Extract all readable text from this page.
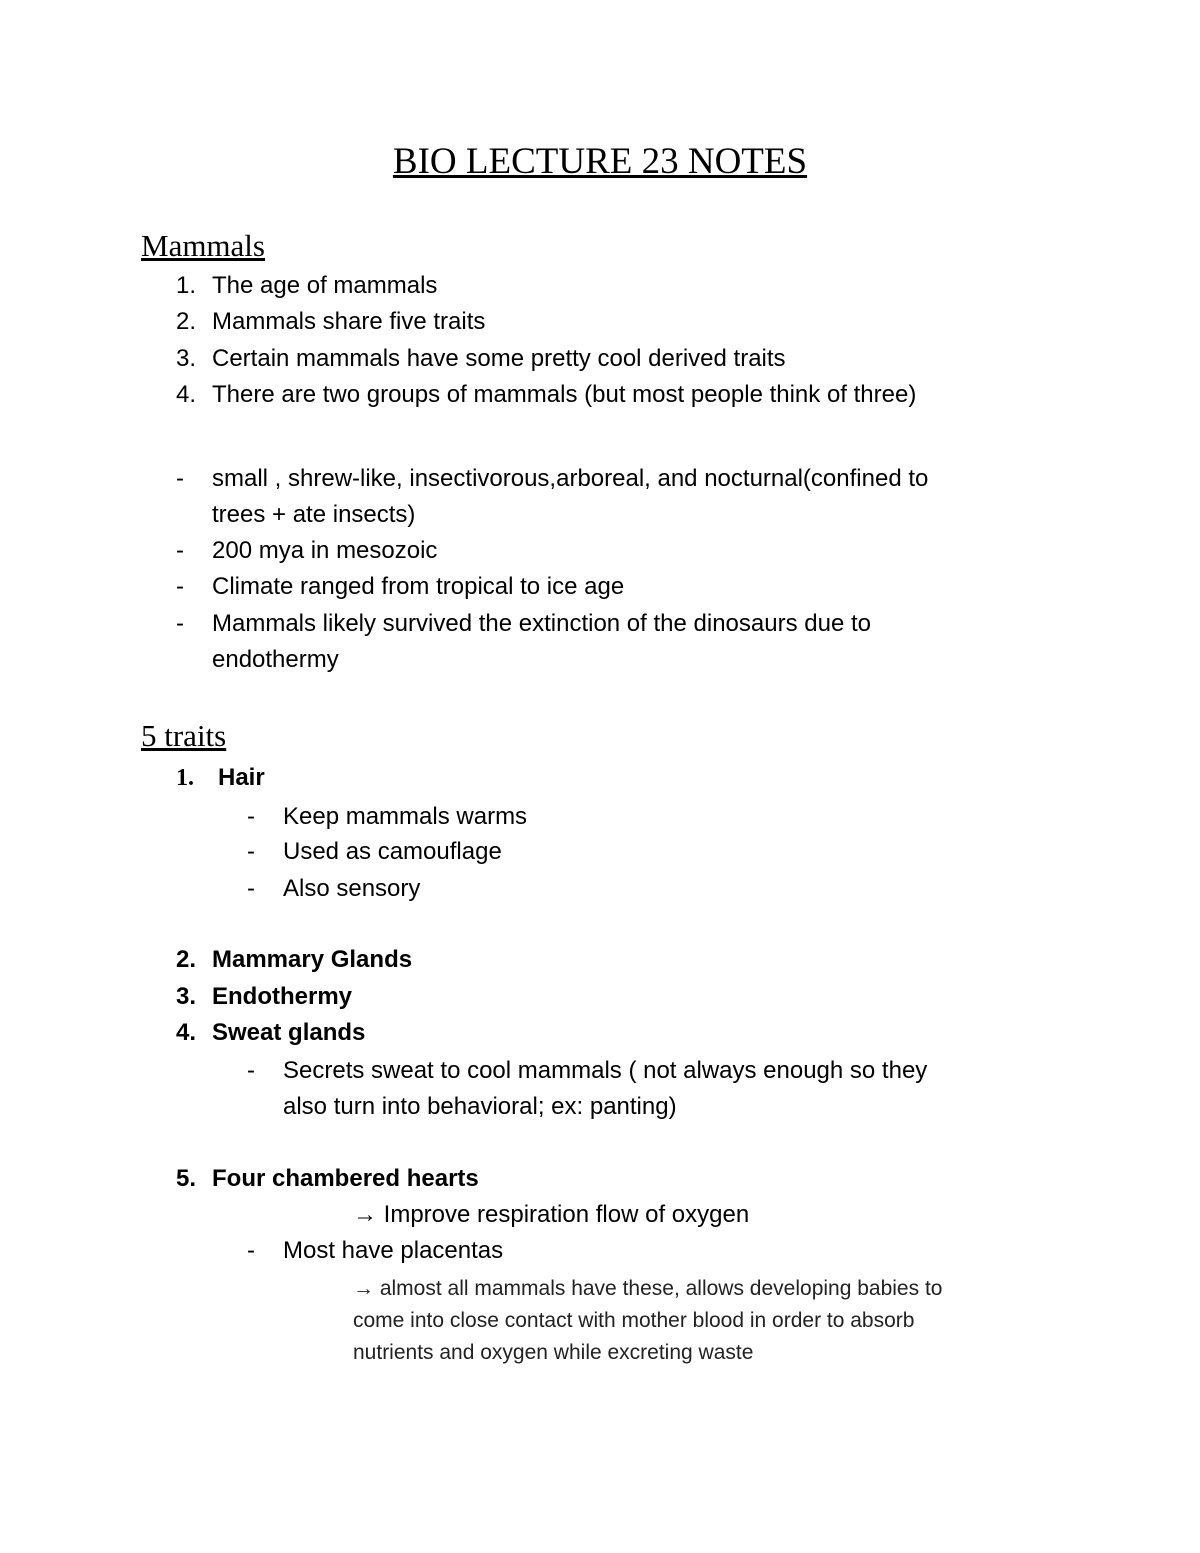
BIO LECTURE 23 NOTES
Mammals
1. The age of mammals
2. Mammals share five traits
3. Certain mammals have some pretty cool derived traits
4. There are two groups of mammals (but most people think of three)
- small , shrew-like, insectivorous,arboreal, and nocturnal(confined to
trees + ate insects)
- 200 mya in mesozoic
- Climate ranged from tropical to ice age
- Mammals likely survived the extinction of the dinosaurs due to
endothermy
5 traits
1. Hair
- Keep mammals warms
- Used as camouflage
- Also sensory
2. Mammary Glands
3. Endothermy
4. Sweat glands
- Secrets sweat to cool mammals ( not always enough so they
also turn into behavioral; ex: panting)
5. Four chambered hearts
→ Improve respiration flow of oxygen
- Most have placentas
→ almost all mammals have these, allows developing babies to
come into close contact with mother blood in order to absorb
nutrients and oxygen while excreting waste
